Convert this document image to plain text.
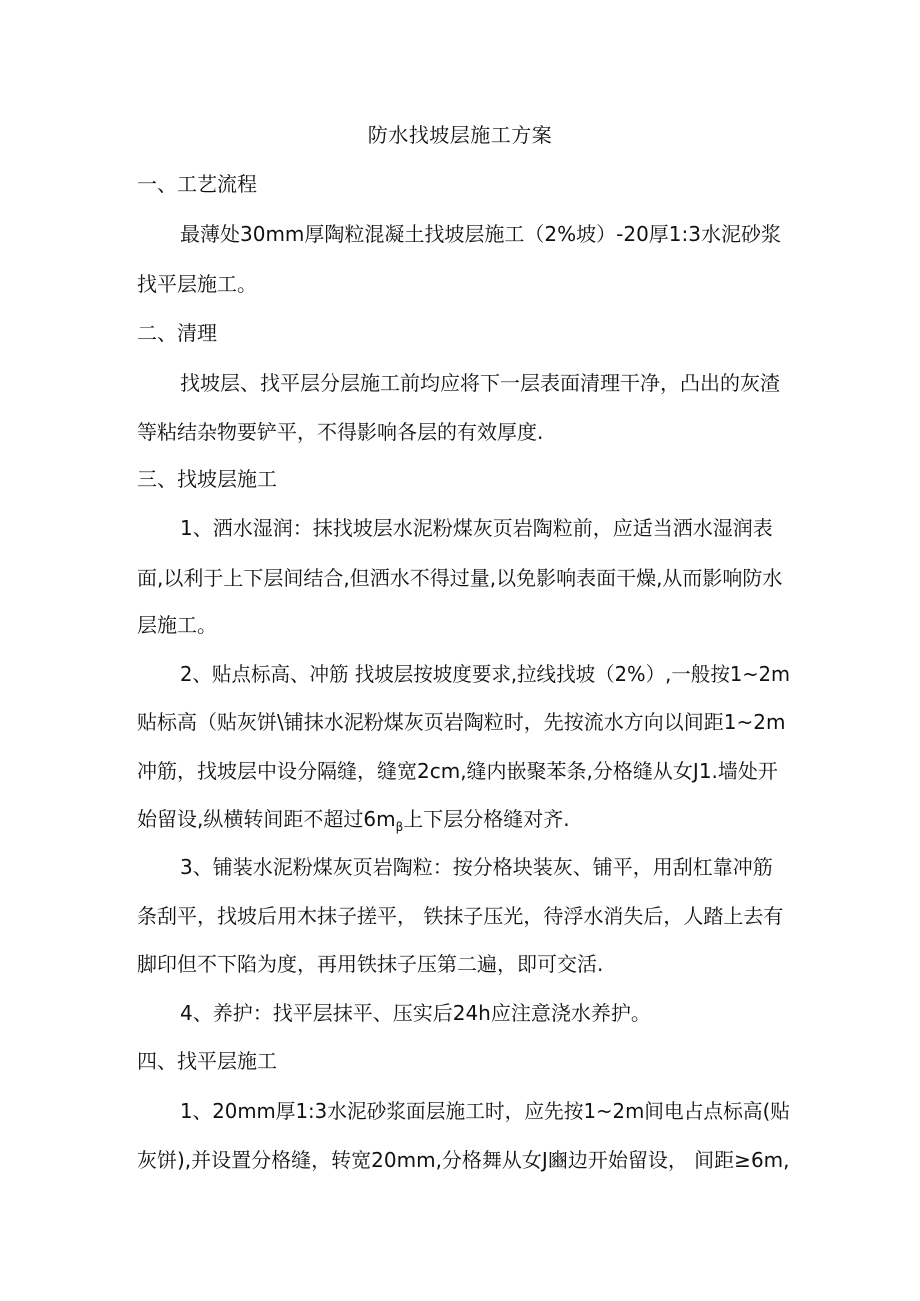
防水找坡层施工方案
一、工艺流程
最薄处30mm厚陶粒混凝土找坡层施工（2%坡）-20厚1:3水泥砂浆
找平层施工。
二、清理
找坡层、找平层分层施工前均应将下一层表面清理干净，凸出的灰渣
等粘结杂物要铲平，不得影响各层的有效厚度.
三、找坡层施工
1、洒水湿润：抹找坡层水泥粉煤灰页岩陶粒前，应适当洒水湿润表
面,以利于上下层间结合,但洒水不得过量,以免影响表面干燥,从而影响防水
层施工。
2、贴点标高、冲筋 找坡层按坡度要求,拉线找坡（2%）,一般按1~2m
贴标高（贴灰饼\铺抹水泥粉煤灰页岩陶粒时，先按流水方向以间距1~2m
冲筋，找坡层中设分隔缝，缝宽2cm,缝内嵌聚苯条,分格缝从女J1.墙处开
始留设,纵横转间距不超过$6m_\beta$上下层分格缝对齐.
3、铺装水泥粉煤灰页岩陶粒：按分格块装灰、铺平，用刮杠靠冲筋
条刮平，找坡后用木抹子搓平， 铁抹子压光，待浮水消失后，人踏上去有
脚印但不下陷为度，再用铁抹子压第二遍，即可交活.
4、养护：找平层抹平、压实后24h应注意浇水养护。
四、找平层施工
1、20mm厚1:3水泥砂浆面层施工时，应先按1~2m间电占点标高(贴
灰饼),并设置分格缝，转宽20mm,分格舞从女J豳边开始留设， 间距≥6m,
